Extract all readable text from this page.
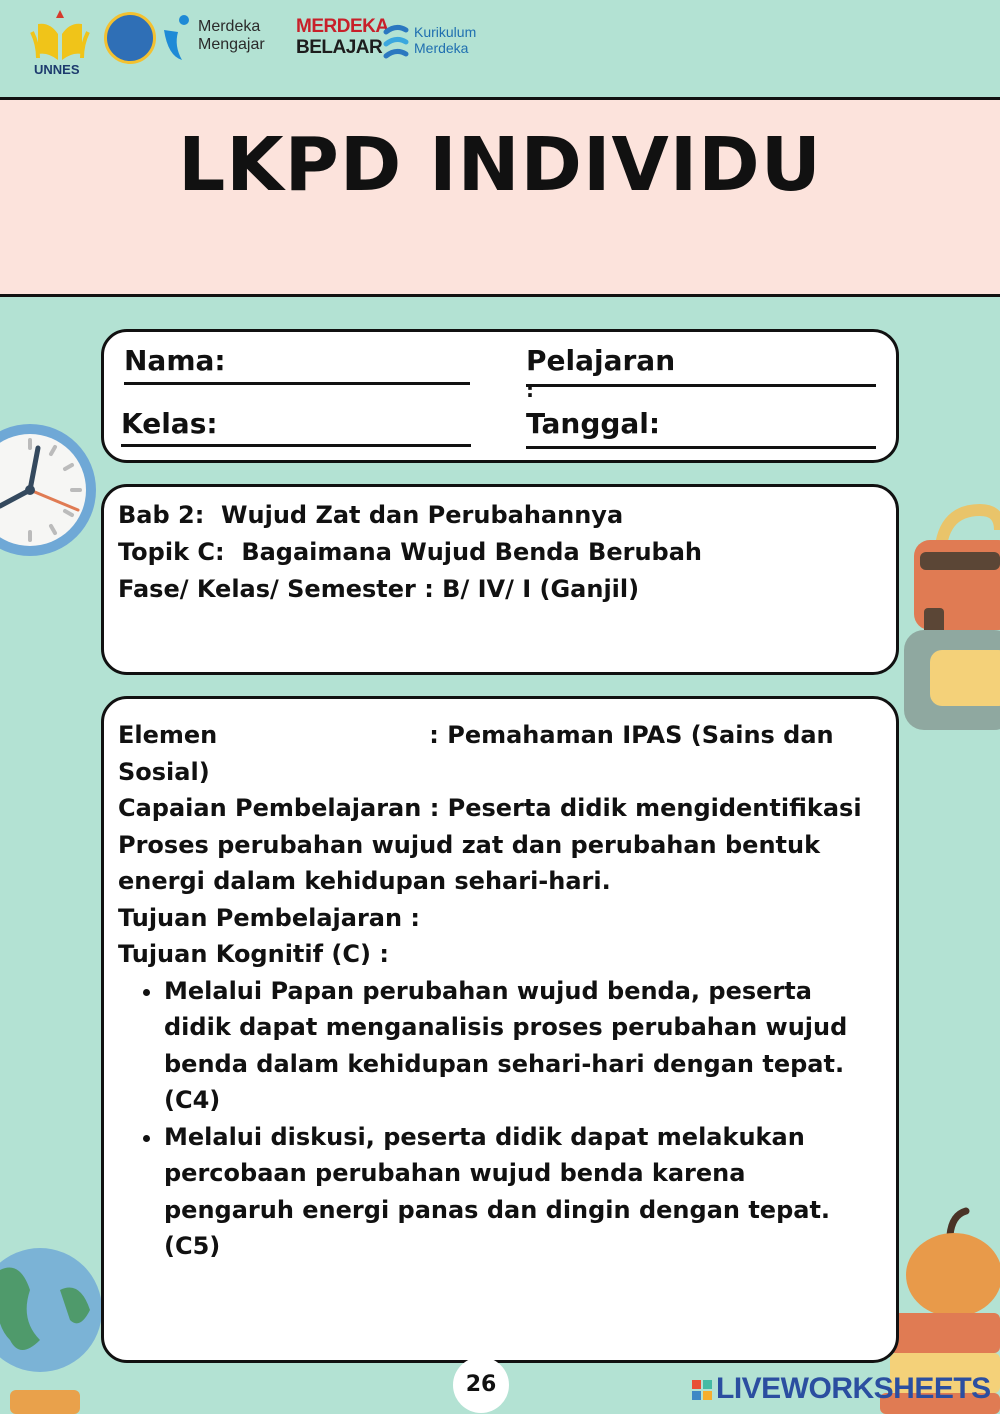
UNNES
Merdeka
Mengajar
MERDEKA
BELAJAR
Kurikulum
Merdeka
LKPD INDIVIDU
Nama:	Pelajaran
:
Kelas:	Tanggal:
Bab 2:  Wujud Zat dan Perubahannya
Topik C:  Bagaimana Wujud Benda Berubah
Fase/ Kelas/ Semester : B/ IV/ I (Ganjil)

Elemen	: Pemahaman IPAS (Sains dan Sosial)

Capaian Pembelajaran : Peserta didik mengidentifikasi Proses perubahan wujud zat dan perubahan bentuk energi dalam kehidupan sehari-hari.

Tujuan Pembelajaran :

Tujuan Kognitif (C) :

• Melalui Papan perubahan wujud benda, peserta didik dapat menganalisis proses perubahan wujud benda dalam kehidupan sehari-hari dengan tepat. (C4)
• Melalui diskusi, peserta didik dapat melakukan percobaan perubahan wujud benda karena pengaruh energi panas dan dingin dengan tepat. (C5)
26	LIVEWORKSHEETS
